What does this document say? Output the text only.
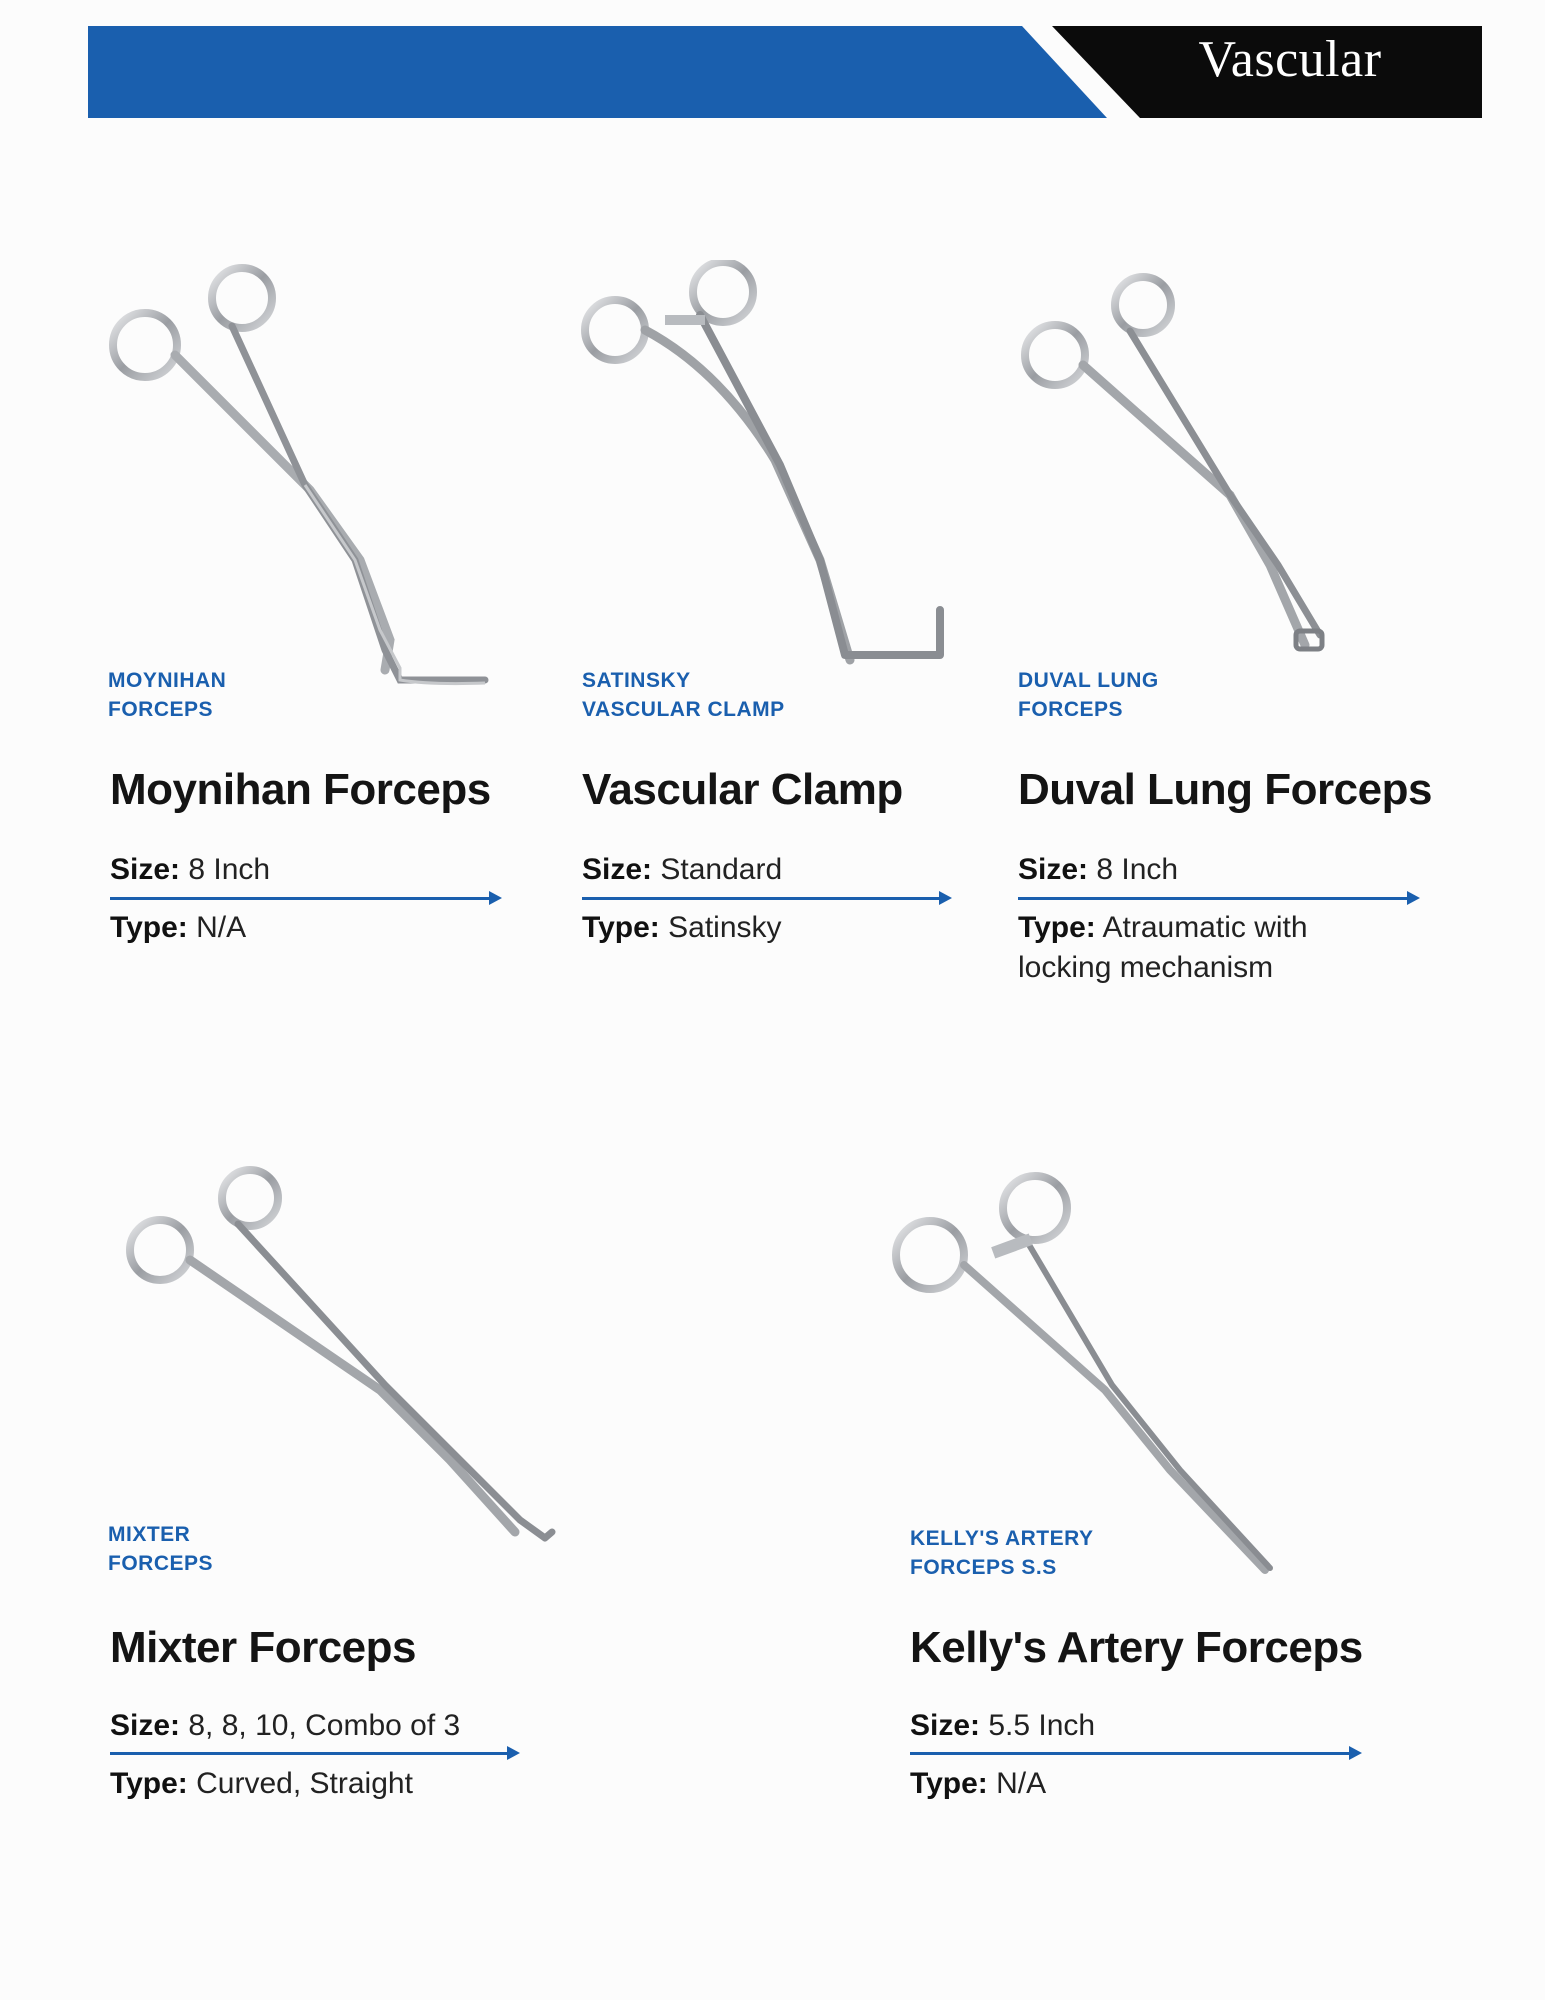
Vascular
MOYNIHAN
FORCEPS
Moynihan Forceps
Size: 8 Inch
Type: N/A
SATINSKY
VASCULAR CLAMP
Vascular Clamp
Size: Standard
Type: Satinsky
DUVAL LUNG
FORCEPS
Duval Lung Forceps
Size: 8 Inch
Type: Atraumatic with locking mechanism
MIXTER
FORCEPS
Mixter Forceps
Size: 8, 8, 10, Combo of 3
Type: Curved, Straight
KELLY'S ARTERY
FORCEPS S.S
Kelly's Artery Forceps
Size: 5.5 Inch
Type: N/A
